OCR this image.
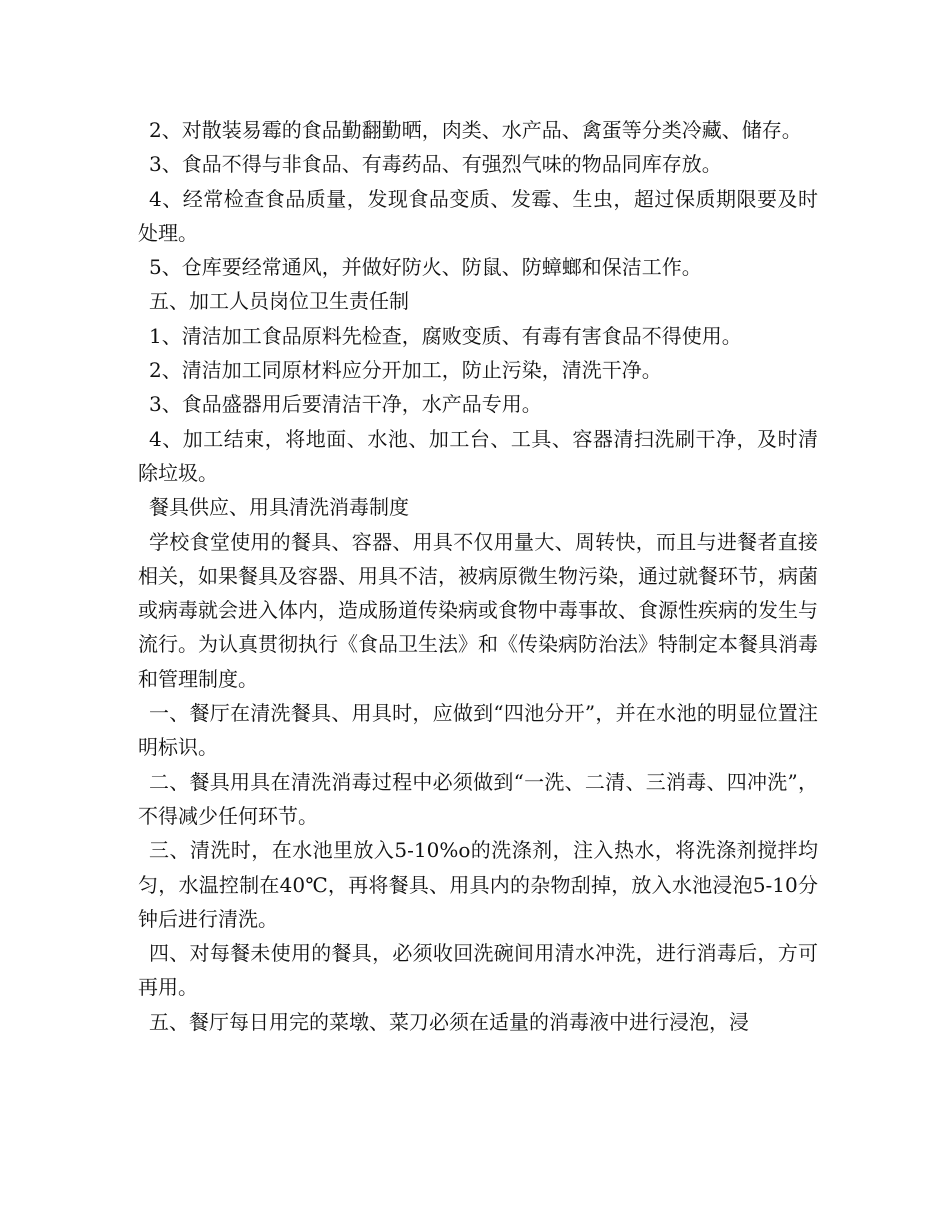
2、对散装易霉的食品勤翻勤晒，肉类、水产品、禽蛋等分类冷藏、储存。

3、食品不得与非食品、有毒药品、有强烈气味的物品同库存放。

4、经常检查食品质量，发现食品变质、发霉、生虫，超过保质期限要及时处理。

5、仓库要经常通风，并做好防火、防鼠、防蟑螂和保洁工作。

五、加工人员岗位卫生责任制

1、清洁加工食品原料先检查，腐败变质、有毒有害食品不得使用。

2、清洁加工同原材料应分开加工，防止污染，清洗干净。

3、食品盛器用后要清洁干净，水产品专用。

4、加工结束，将地面、水池、加工台、工具、容器清扫洗刷干净，及时清除垃圾。

餐具供应、用具清洗消毒制度

学校食堂使用的餐具、容器、用具不仅用量大、周转快，而且与进餐者直接相关，如果餐具及容器、用具不洁，被病原微生物污染，通过就餐环节，病菌或病毒就会进入体内，造成肠道传染病或食物中毒事故、食源性疾病的发生与流行。为认真贯彻执行《食品卫生法》和《传染病防治法》特制定本餐具消毒和管理制度。

一、餐厅在清洗餐具、用具时，应做到“四池分开”，并在水池的明显位置注明标识。

二、餐具用具在清洗消毒过程中必须做到“一洗、二清、三消毒、四冲洗”，不得减少任何环节。

三、清洗时，在水池里放入5-10%o的洗涤剂，注入热水，将洗涤剂搅拌均匀，水温控制在40℃，再将餐具、用具内的杂物刮掉，放入水池浸泡5-10分钟后进行清洗。

四、对每餐未使用的餐具，必须收回洗碗间用清水冲洗，进行消毒后，方可再用。

五、餐厅每日用完的菜墩、菜刀必须在适量的消毒液中进行浸泡，浸
